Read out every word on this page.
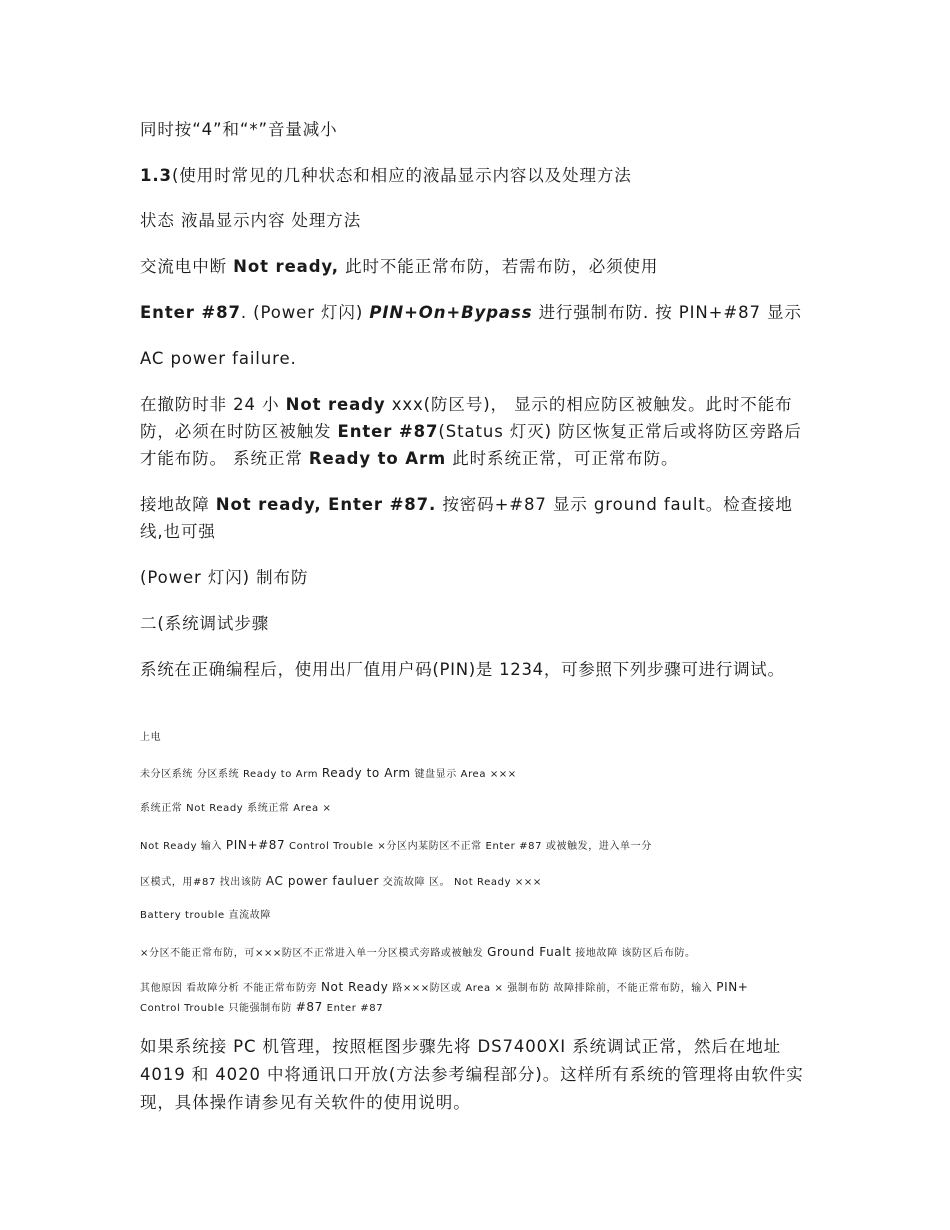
同时按“4”和“*”音量减小
1.3(使用时常见的几种状态和相应的液晶显示内容以及处理方法
状态 液晶显示内容 处理方法
交流电中断 Not ready, 此时不能正常布防，若需布防，必须使用
Enter #87. (Power 灯闪) PIN+On+Bypass 进行强制布防. 按 PIN+#87 显示
AC power failure.
在撤防时非 24 小 Not ready xxx(防区号)， 显示的相应防区被触发。此时不能布防，必须在时防区被触发 Enter #87(Status 灯灭) 防区恢复正常后或将防区旁路后才能布防。 系统正常 Ready to Arm 此时系统正常，可正常布防。
接地故障 Not ready, Enter #87. 按密码+#87 显示 ground fault。检查接地线,也可强
(Power 灯闪) 制布防
二(系统调试步骤
系统在正确编程后，使用出厂值用户码(PIN)是 1234，可参照下列步骤可进行调试。
上电
未分区系统 分区系统 Ready to Arm Ready to Arm 键盘显示 Area ×××
系统正常 Not Ready 系统正常 Area ×
Not Ready 输入 PIN+#87 Control Trouble ×分区内某防区不正常 Enter #87 或被触发，进入单一分
区模式，用#87 找出该防 AC power fauluer 交流故障 区。 Not Ready ×××
Battery trouble 直流故障
×分区不能正常布防，可×××防区不正常进入单一分区模式旁路或被触发 Ground Fualt 接地故障 该防区后布防。
其他原因 看故障分析 不能正常布防旁 Not Ready 路×××防区或 Area × 强制布防 故障排除前，不能正常布防，输入 PIN+
Control Trouble 只能强制布防 #87 Enter #87
如果系统接 PC 机管理，按照框图步骤先将 DS7400XI 系统调试正常，然后在地址 4019 和 4020 中将通讯口开放(方法参考编程部分)。这样所有系统的管理将由软件实现，具体操作请参见有关软件的使用说明。
